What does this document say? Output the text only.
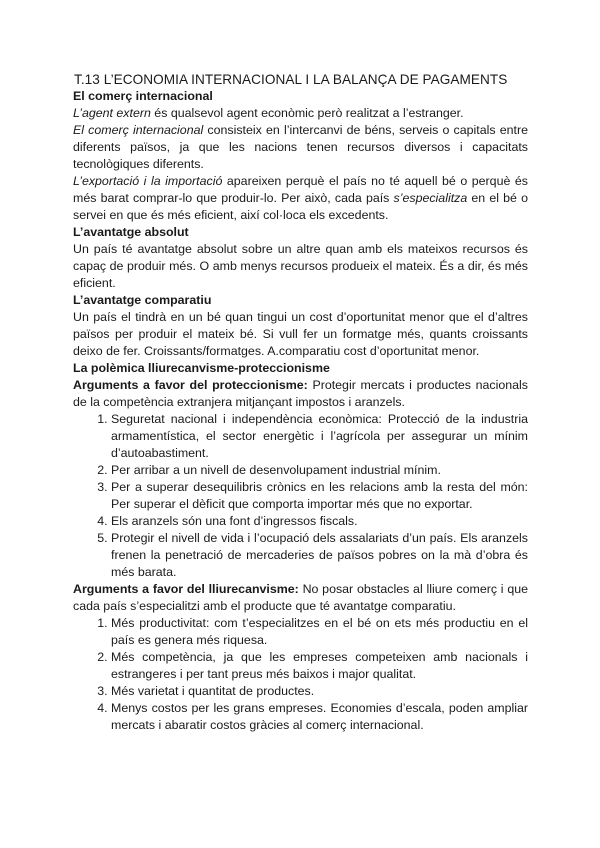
T.13 L’ECONOMIA INTERNACIONAL I LA BALANÇA DE PAGAMENTS
El comerç internacional

L’agent extern és qualsevol agent econòmic però realitzat a l’estranger.

El comerç internacional consisteix en l’intercanvi de béns, serveis o capitals entre diferents països, ja que les nacions tenen recursos diversos i capacitats tecnològiques diferents.

L’exportació i la importació apareixen perquè el país no té aquell bé o perquè és més barat comprar-lo que produir-lo. Per això, cada país s’especialitza en el bé o servei en que és més eficient, així col·loca els excedents.

L’avantatge absolut

Un país té avantatge absolut sobre un altre quan amb els mateixos recursos és capaç de produir més. O amb menys recursos produeix el mateix. És a dir, és més eficient.

L’avantatge comparatiu

Un país el tindrà en un bé quan tingui un cost d’oportunitat menor que el d’altres països per produir el mateix bé. Si vull fer un formatge més, quants croissants deixo de fer. Croissants/formatges. A.comparatiu cost d’oportunitat menor.

La polèmica lliurecanvisme-proteccionisme

Arguments a favor del proteccionisme: Protegir mercats i productes nacionals de la competència extranjera mitjançant impostos i aranzels.

1. Seguretat nacional i independència econòmica: Protecció de la industria armamentística, el sector energètic i l’agrícola per assegurar un mínim d’autoabastiment.
2. Per arribar a un nivell de desenvolupament industrial mínim.
3. Per a superar desequilibris crònics en les relacions amb la resta del món: Per superar el dèficit que comporta importar més que no exportar.
4. Els aranzels són una font d’ingressos fiscals.
5. Protegir el nivell de vida i l’ocupació dels assalariats d’un país. Els aranzels frenen la penetració de mercaderies de països pobres on la mà d’obra és més barata.

Arguments a favor del lliurecanvisme: No posar obstacles al lliure comerç i que cada país s’especialitzi amb el producte que té avantatge comparatiu.

1. Més productivitat: com t’especialitzes en el bé on ets més productiu en el país es genera més riquesa.
2. Més competència, ja que les empreses competeixen amb nacionals i estrangeres i per tant preus més baixos i major qualitat.
3. Més varietat i quantitat de productes.
4. Menys costos per les grans empreses. Economies d’escala, poden ampliar mercats i abaratir costos gràcies al comerç internacional.
